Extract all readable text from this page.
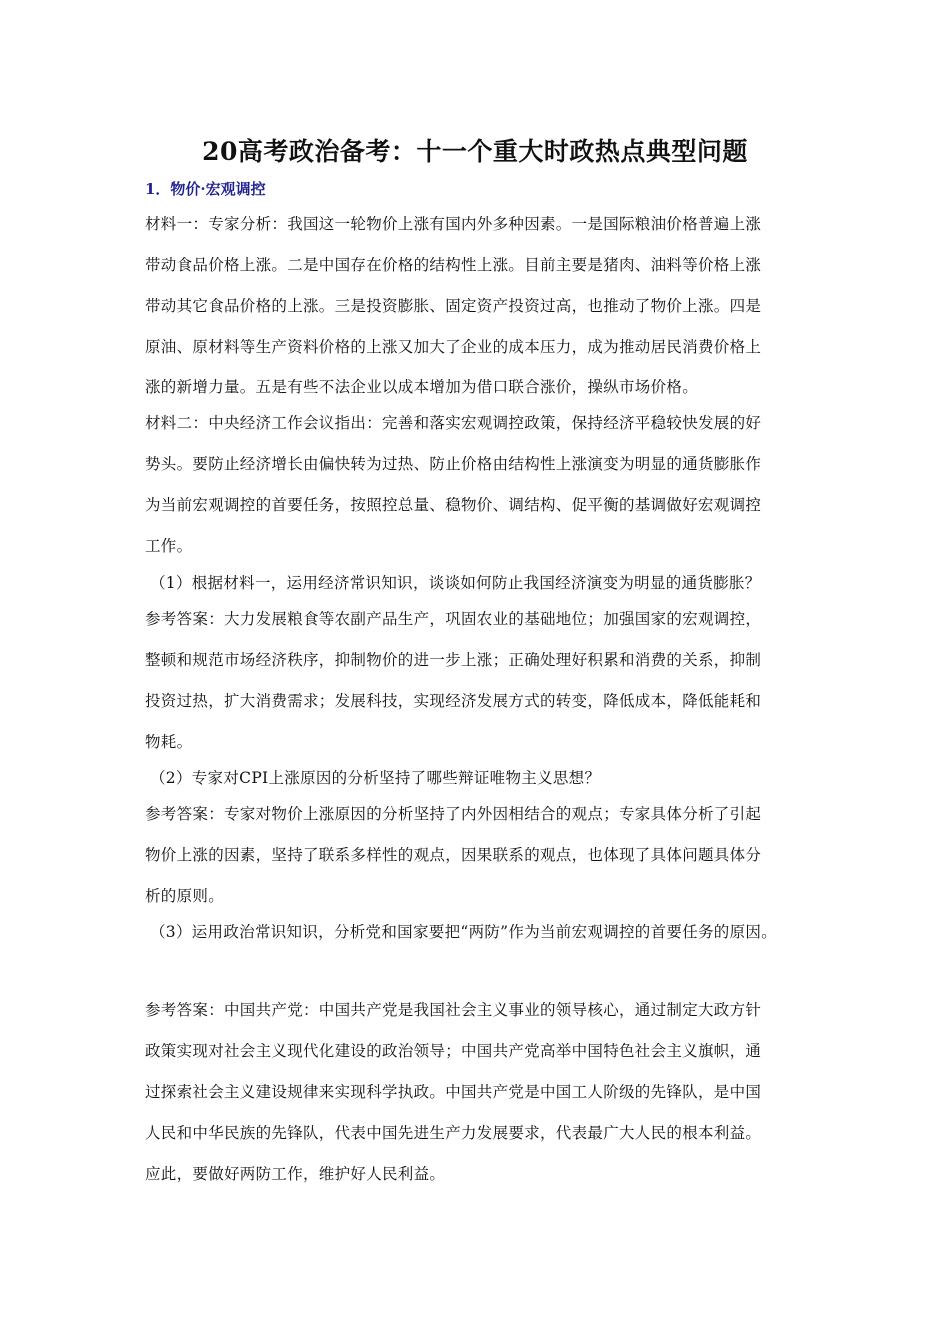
20高考政治备考：十一个重大时政热点典型问题
1．物价·宏观调控
材料一：专家分析：我国这一轮物价上涨有国内外多种因素。一是国际粮油价格普遍上涨
带动食品价格上涨。二是中国存在价格的结构性上涨。目前主要是猪肉、油料等价格上涨
带动其它食品价格的上涨。三是投资膨胀、固定资产投资过高，也推动了物价上涨。四是
原油、原材料等生产资料价格的上涨又加大了企业的成本压力，成为推动居民消费价格上
涨的新增力量。五是有些不法企业以成本增加为借口联合涨价，操纵市场价格。
材料二：中央经济工作会议指出：完善和落实宏观调控政策，保持经济平稳较快发展的好
势头。要防止经济增长由偏快转为过热、防止价格由结构性上涨演变为明显的通货膨胀作
为当前宏观调控的首要任务，按照控总量、稳物价、调结构、促平衡的基调做好宏观调控
工作。
（1）根据材料一，运用经济常识知识，谈谈如何防止我国经济演变为明显的通货膨胀？
参考答案：大力发展粮食等农副产品生产，巩固农业的基础地位；加强国家的宏观调控，
整顿和规范市场经济秩序，抑制物价的进一步上涨；正确处理好积累和消费的关系，抑制
投资过热，扩大消费需求；发展科技，实现经济发展方式的转变，降低成本，降低能耗和
物耗。
（2）专家对CPI上涨原因的分析坚持了哪些辩证唯物主义思想？
参考答案：专家对物价上涨原因的分析坚持了内外因相结合的观点；专家具体分析了引起
物价上涨的因素，坚持了联系多样性的观点，因果联系的观点，也体现了具体问题具体分
析的原则。
（3）运用政治常识知识，分析党和国家要把“两防”作为当前宏观调控的首要任务的原因。
参考答案：中国共产党：中国共产党是我国社会主义事业的领导核心，通过制定大政方针
政策实现对社会主义现代化建设的政治领导；中国共产党高举中国特色社会主义旗帜，通
过探索社会主义建设规律来实现科学执政。中国共产党是中国工人阶级的先锋队，是中国
人民和中华民族的先锋队，代表中国先进生产力发展要求，代表最广大人民的根本利益。
应此，要做好两防工作，维护好人民利益。
